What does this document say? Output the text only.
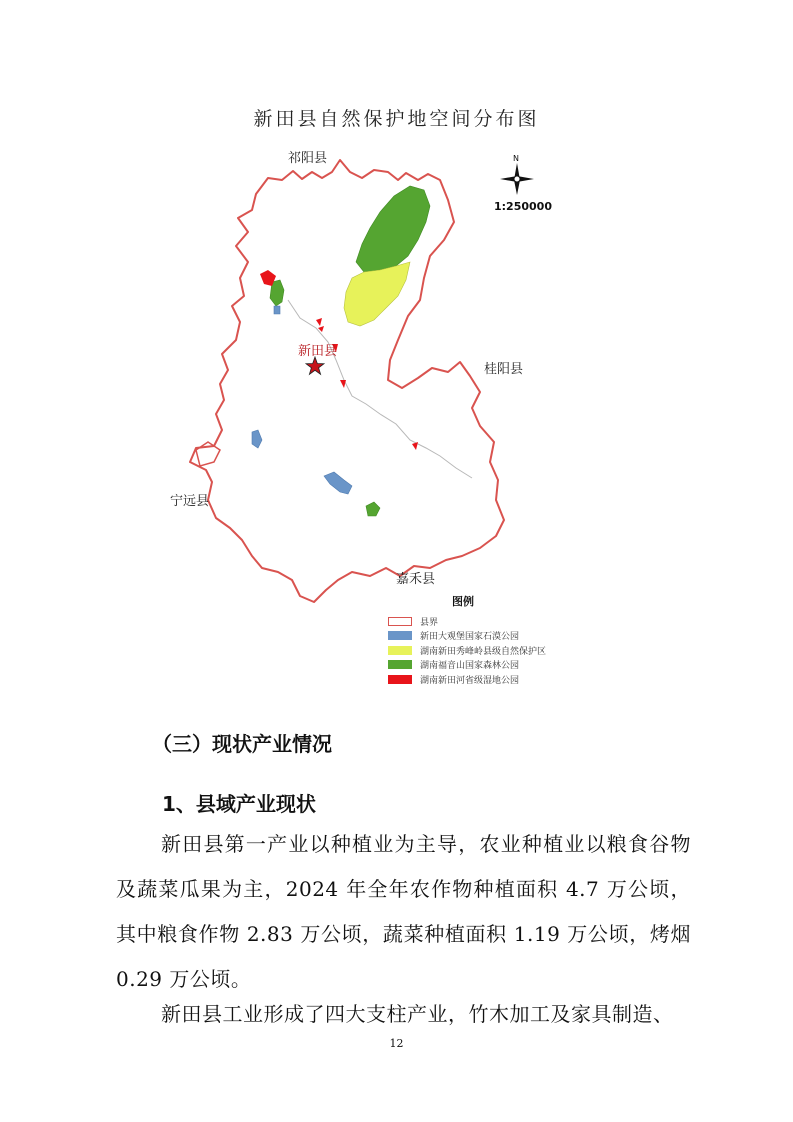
新田县自然保护地空间分布图
N
1:250000
祁阳县
桂阳县
宁远县
嘉禾县
新田县
图例
县界
新田大观堡国家石漠公园
湖南新田秀峰岭县级自然保护区
湖南福音山国家森林公园
湖南新田河省级湿地公园
（三）现状产业情况
1、县域产业现状
新田县第一产业以种植业为主导，农业种植业以粮食谷物及蔬菜瓜果为主，2024 年全年农作物种植面积 4.7 万公顷，其中粮食作物 2.83 万公顷，蔬菜种植面积 1.19 万公顷，烤烟 0.29 万公顷。
新田县工业形成了四大支柱产业，竹木加工及家具制造、
12
